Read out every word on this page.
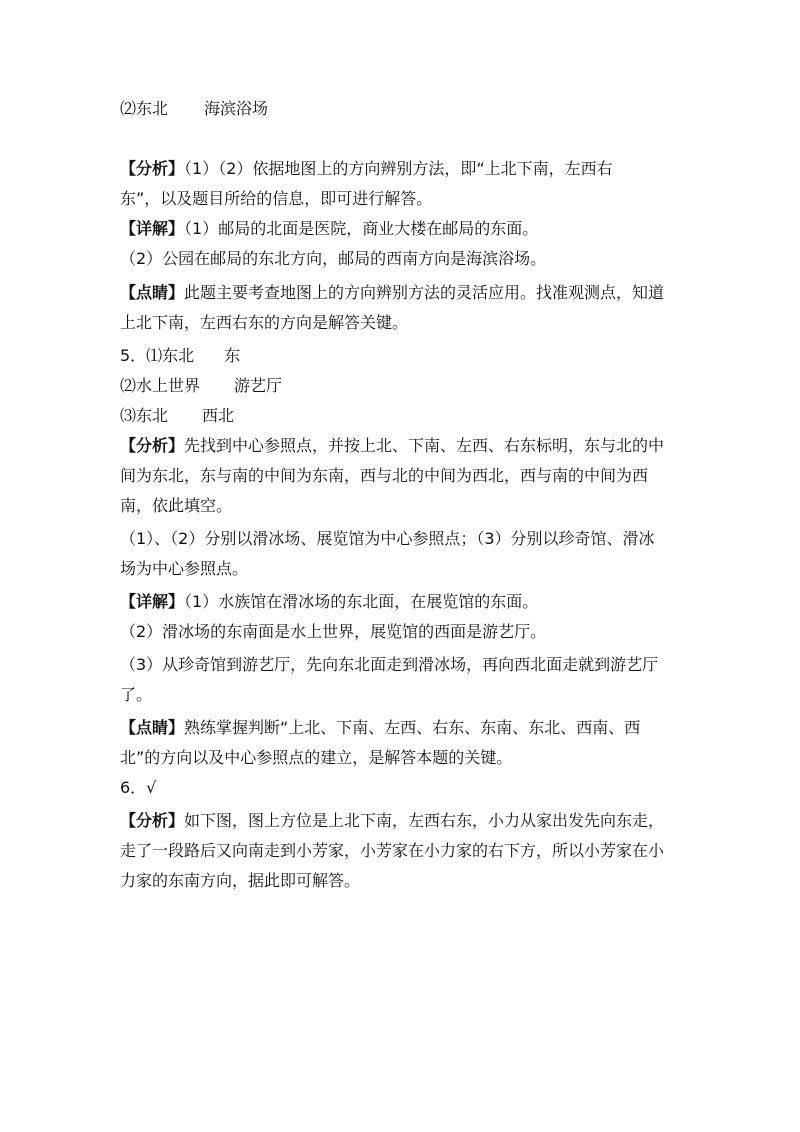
⑵东北 海滨浴场
【分析】（1）（2）依据地图上的方向辨别方法，即“上北下南，左西右
东”，以及题目所给的信息，即可进行解答。
【详解】（1）邮局的北面是医院，商业大楼在邮局的东面。
（2）公园在邮局的东北方向，邮局的西南方向是海滨浴场。
【点睛】此题主要考查地图上的方向辨别方法的灵活应用。找准观测点，知道
上北下南，左西右东的方向是解答关键。
5．⑴东北 东
⑵水上世界 游艺厅
⑶东北 西北
【分析】先找到中心参照点，并按上北、下南、左西、右东标明，东与北的中
间为东北，东与南的中间为东南，西与北的中间为西北，西与南的中间为西
南，依此填空。
（1）、（2）分别以滑冰场、展览馆为中心参照点；（3）分别以珍奇馆、滑冰
场为中心参照点。
【详解】（1）水族馆在滑冰场的东北面，在展览馆的东面。
（2）滑冰场的东南面是水上世界，展览馆的西面是游艺厅。
（3）从珍奇馆到游艺厅，先向东北面走到滑冰场，再向西北面走就到游艺厅
了。
【点睛】熟练掌握判断“上北、下南、左西、右东、东南、东北、西南、西
北”的方向以及中心参照点的建立，是解答本题的关键。
6．√
【分析】如下图，图上方位是上北下南，左西右东，小力从家出发先向东走，
走了一段路后又向南走到小芳家，小芳家在小力家的右下方，所以小芳家在小
力家的东南方向，据此即可解答。
